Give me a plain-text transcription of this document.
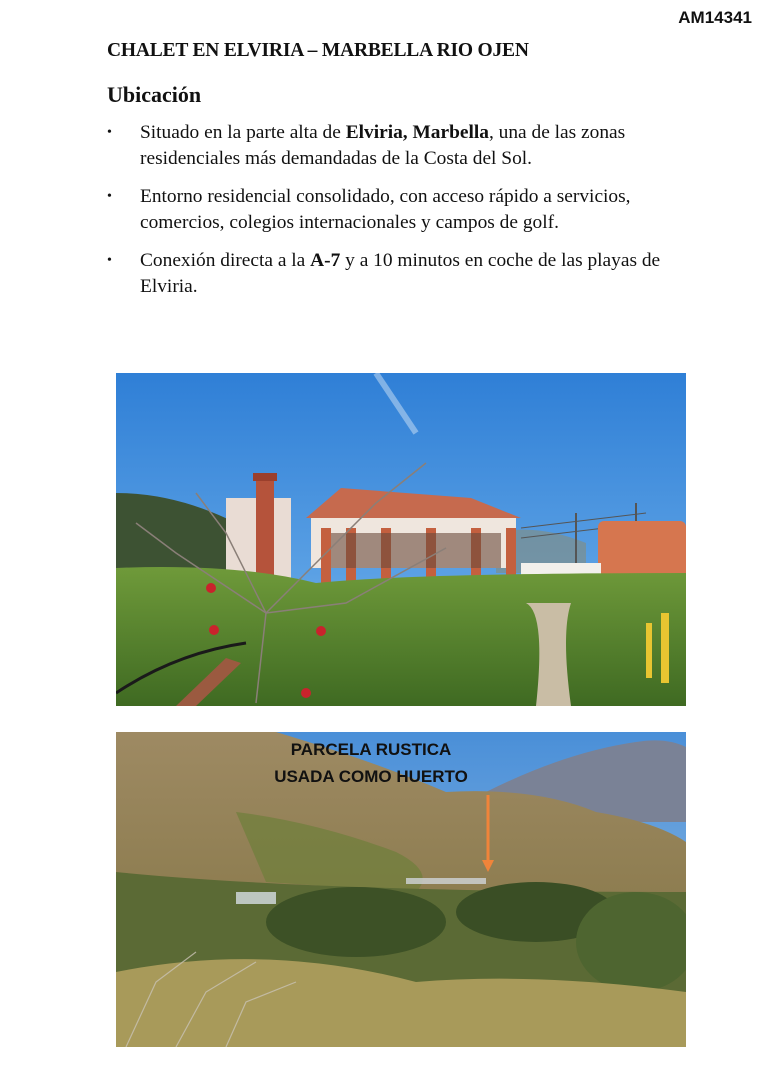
AM14341
CHALET EN ELVIRIA – MARBELLA RIO OJEN
Ubicación
• Situado en la parte alta de Elviria, Marbella, una de las zonas residenciales más demandadas de la Costa del Sol.
• Entorno residencial consolidado, con acceso rápido a servicios, comercios, colegios internacionales y campos de golf.
• Conexión directa a la A-7 y a 10 minutos en coche de las playas de Elviria.
PARCELA RUSTICA
USADA COMO HUERTO
